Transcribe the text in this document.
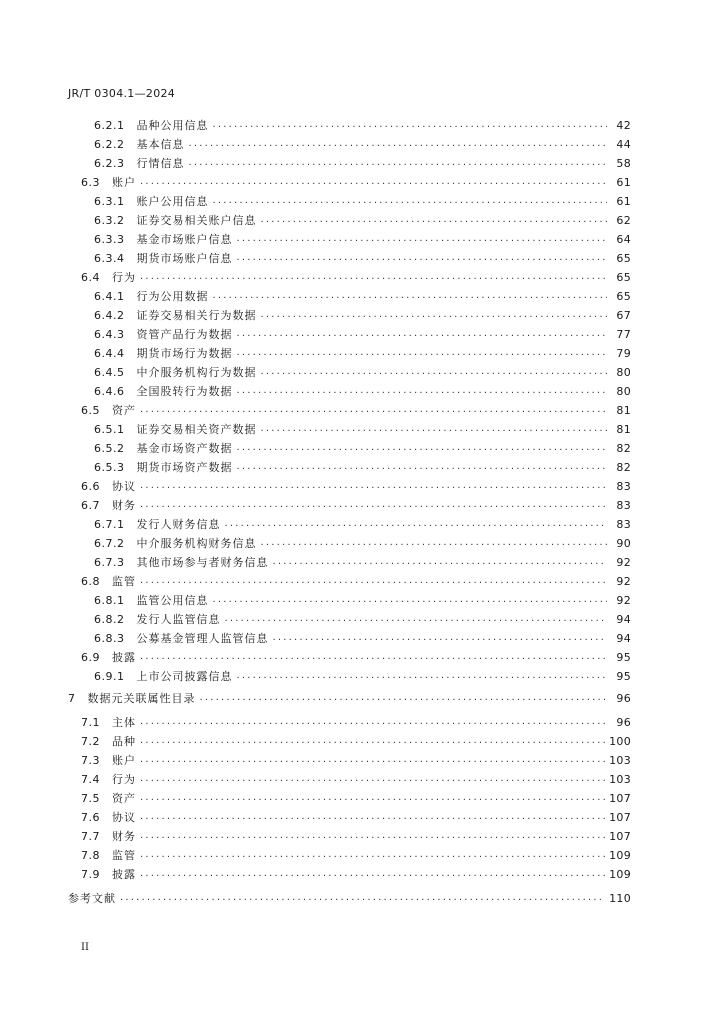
JR/T 0304.1—2024
6.2.1 品种公用信息 .....	42
6.2.2 基本信息 .....	44
6.2.3 行情信息 .....	58
6.3 账户 .....	61
6.3.1 账户公用信息 .....	61
6.3.2 证券交易相关账户信息 .....	62
6.3.3 基金市场账户信息 .....	64
6.3.4 期货市场账户信息 .....	65
6.4 行为 .....	65
6.4.1 行为公用数据 .....	65
6.4.2 证券交易相关行为数据 .....	67
6.4.3 资管产品行为数据 .....	77
6.4.4 期货市场行为数据 .....	79
6.4.5 中介服务机构行为数据 .....	80
6.4.6 全国股转行为数据 .....	80
6.5 资产 .....	81
6.5.1 证券交易相关资产数据 .....	81
6.5.2 基金市场资产数据 .....	82
6.5.3 期货市场资产数据 .....	82
6.6 协议 .....	83
6.7 财务 .....	83
6.7.1 发行人财务信息 .....	83
6.7.2 中介服务机构财务信息 .....	90
6.7.3 其他市场参与者财务信息 .....	92
6.8 监管 .....	92
6.8.1 监管公用信息 .....	92
6.8.2 发行人监管信息 .....	94
6.8.3 公募基金管理人监管信息 .....	94
6.9 披露 .....	95
6.9.1 上市公司披露信息 .....	95
7 数据元关联属性目录 .....	96
7.1 主体 .....	96
7.2 品种 .....	100
7.3 账户 .....	103
7.4 行为 .....	103
7.5 资产 .....	107
7.6 协议 .....	107
7.7 财务 .....	107
7.8 监管 .....	109
7.9 披露 .....	109
参考文献 .....	110
II
